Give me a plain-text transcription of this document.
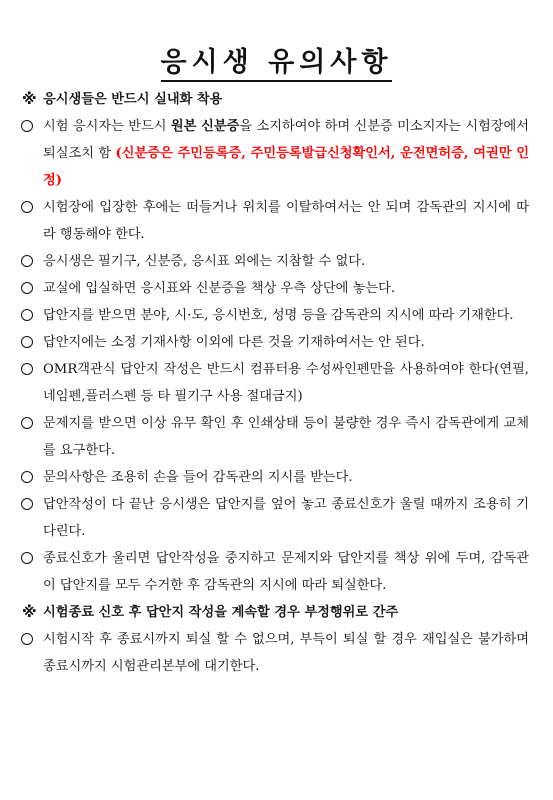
응시생 유의사항
※ 응시생들은 반드시 실내화 착용
시험 응시자는 반드시 원본 신분증을 소지하여야 하며 신분증 미소지자는 시험장에서 퇴실조치 함 (신분증은 주민등록증, 주민등록발급신청확인서, 운전면허증, 여권만 인정)
시험장에 입장한 후에는 떠들거나 위치를 이탈하여서는 안 되며 감독관의 지시에 따라 행동해야 한다.
응시생은 필기구, 신분증, 응시표 외에는 지참할 수 없다.
교실에 입실하면 응시표와 신분증을 책상 우측 상단에 놓는다.
답안지를 받으면 분야, 시·도, 응시번호, 성명 등을 감독관의 지시에 따라 기재한다.
답안지에는 소정 기재사항 이외에 다른 것을 기재하여서는 안 된다.
OMR객관식 답안지 작성은 반드시 컴퓨터용 수성싸인펜만을 사용하여야 한다(연필,네임펜,플러스펜 등 타 필기구 사용 절대금지)
문제지를 받으면 이상 유무 확인 후 인쇄상태 등이 불량한 경우 즉시 감독관에게 교체를 요구한다.
문의사항은 조용히 손을 들어 감독관의 지시를 받는다.
답안작성이 다 끝난 응시생은 답안지를 엎어 놓고 종료신호가 울릴 때까지 조용히 기다린다.
종료신호가 울리면 답안작성을 중지하고 문제지와 답안지를 책상 위에 두며, 감독관이 답안지를 모두 수거한 후 감독관의 지시에 따라 퇴실한다.
※ 시험종료 신호 후 답안지 작성을 계속할 경우 부정행위로 간주
시험시작 후 종료시까지 퇴실 할 수 없으며, 부득이 퇴실 할 경우 재입실은 불가하며 종료시까지 시험관리본부에 대기한다.
